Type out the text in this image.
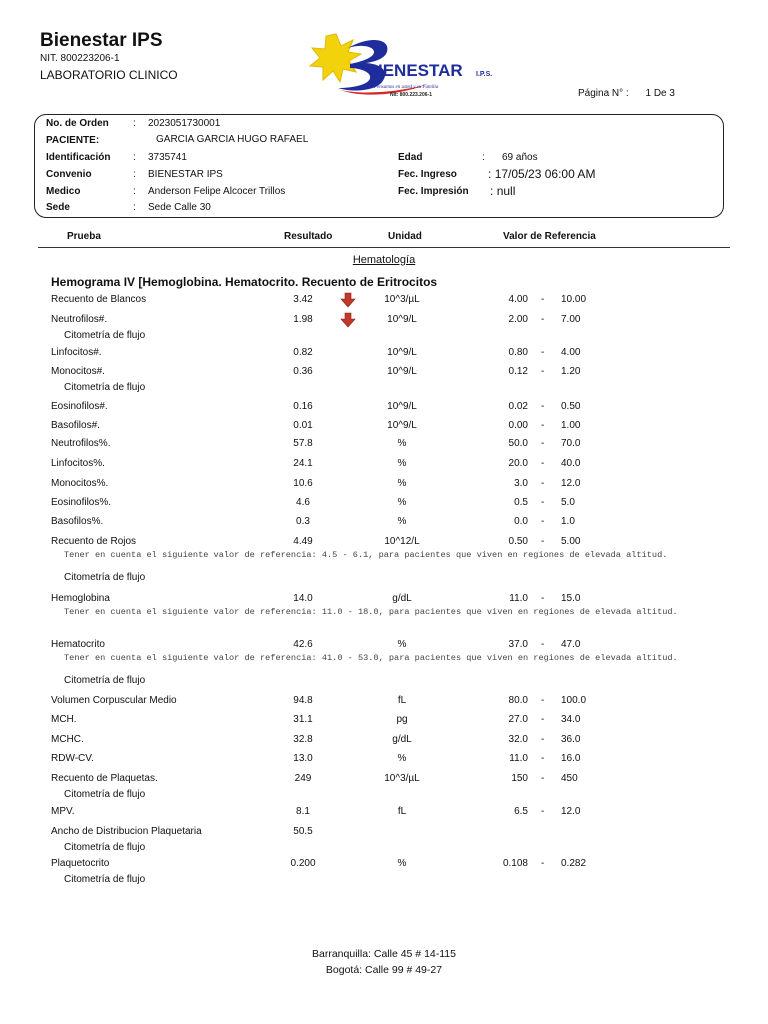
Bienestar IPS
NIT. 800223206-1
LABORATORIO CLINICO	IENESTAR I.P.S.
Pensamos en usted y su Familia
Nit: 800.223.206-1	Página N° : 1 De 3
No. de Orden : 2023051730001
PACIENTE:	GARCIA GARCIA HUGO RAFAEL
Identificación : 3735741
Convenio	: BIENESTAR IPS
Medico	: Anderson Felipe Alcocer Trillos
Sede	: Sede Calle 30
Edad	: 69 años
Fec. Ingreso	: 17/05/23 06:00 AM
Fec. Impresión : null
Prueba	Resultado	Unidad	Valor de Referencia
Hematología
Hemograma IV [Hemoglobina. Hematocrito. Recuento de Eritrocitos
Recuento de Blancos	3.42	10^3/µL	4.00 - 10.00
Neutrofilos#.	1.98	10^9/L	2.00 - 7.00
Citometría de flujo
Linfocitos#.	0.82	10^9/L	0.80 - 4.00
Monocitos#.	0.36	10^9/L	0.12 - 1.20
Citometría de flujo
Eosinofilos#.	0.16	10^9/L	0.02 - 0.50
Basofilos#.	0.01	10^9/L	0.00 - 1.00
Neutrofilos%.	57.8	%	50.0 - 70.0
Linfocitos%.	24.1	%	20.0 - 40.0
Monocitos%.	10.6	%	3.0 - 12.0
Eosinofilos%.	4.6	%	0.5 - 5.0
Basofilos%.	0.3	%	0.0 - 1.0
Recuento de Rojos	4.49	10^12/L	0.50 - 5.00
Tener en cuenta el siguiente valor de referencia: 4.5 - 6.1, para pacientes que viven en regiones de elevada altitud.
Citometría de flujo
Hemoglobina	14.0	g/dL	11.0 - 15.0
Tener en cuenta el siguiente valor de referencia: 11.0 - 18.0, para pacientes que viven en regiones de elevada altitud.
Hematocrito	42.6	%	37.0 - 47.0
Tener en cuenta el siguiente valor de referencia: 41.0 - 53.0, para pacientes que viven en regiones de elevada altitud.
Citometría de flujo
Volumen Corpuscular Medio	94.8	fL	80.0 - 100.0
MCH.	31.1	pg	27.0 - 34.0
MCHC.	32.8	g/dL	32.0 - 36.0
RDW-CV.	13.0	%	11.0 - 16.0
Recuento de Plaquetas.	249	10^3/µL	150 - 450
Citometría de flujo
MPV.	8.1	fL	6.5 - 12.0
Ancho de Distribucion Plaquetaria	50.5
Citometría de flujo
Plaquetocrito	0.200	%	0.108 - 0.282
Citometría de flujo
Barranquilla: Calle 45 # 14-115
Bogotá: Calle 99 # 49-27
